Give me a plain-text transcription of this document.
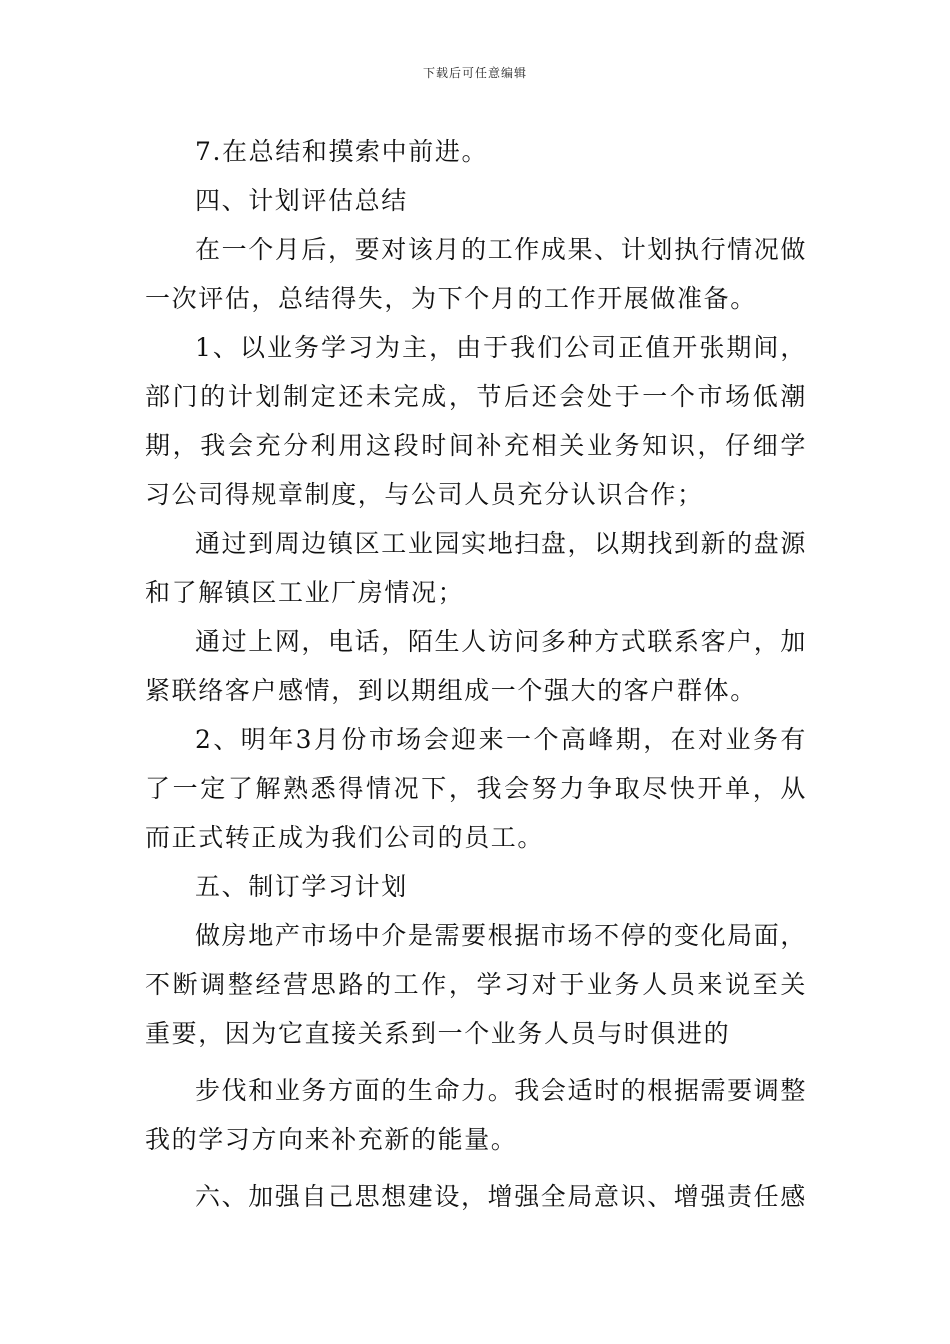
下载后可任意编辑

7.在总结和摸索中前进。

四、计划评估总结

在一个月后，要对该月的工作成果、计划执行情况做一次评估，总结得失，为下个月的工作开展做准备。

1、以业务学习为主，由于我们公司正值开张期间，部门的计划制定还未完成，节后还会处于一个市场低潮期，我会充分利用这段时间补充相关业务知识，仔细学习公司得规章制度，与公司人员充分认识合作；

通过到周边镇区工业园实地扫盘，以期找到新的盘源和了解镇区工业厂房情况；

通过上网，电话，陌生人访问多种方式联系客户，加紧联络客户感情，到以期组成一个强大的客户群体。

2、明年3月份市场会迎来一个高峰期，在对业务有了一定了解熟悉得情况下，我会努力争取尽快开单，从而正式转正成为我们公司的员工。

五、制订学习计划

做房地产市场中介是需要根据市场不停的变化局面，不断调整经营思路的工作，学习对于业务人员来说至关重要，因为它直接关系到一个业务人员与时俱进的

步伐和业务方面的生命力。我会适时的根据需要调整我的学习方向来补充新的能量。

六、加强自己思想建设，增强全局意识、增强责任感
